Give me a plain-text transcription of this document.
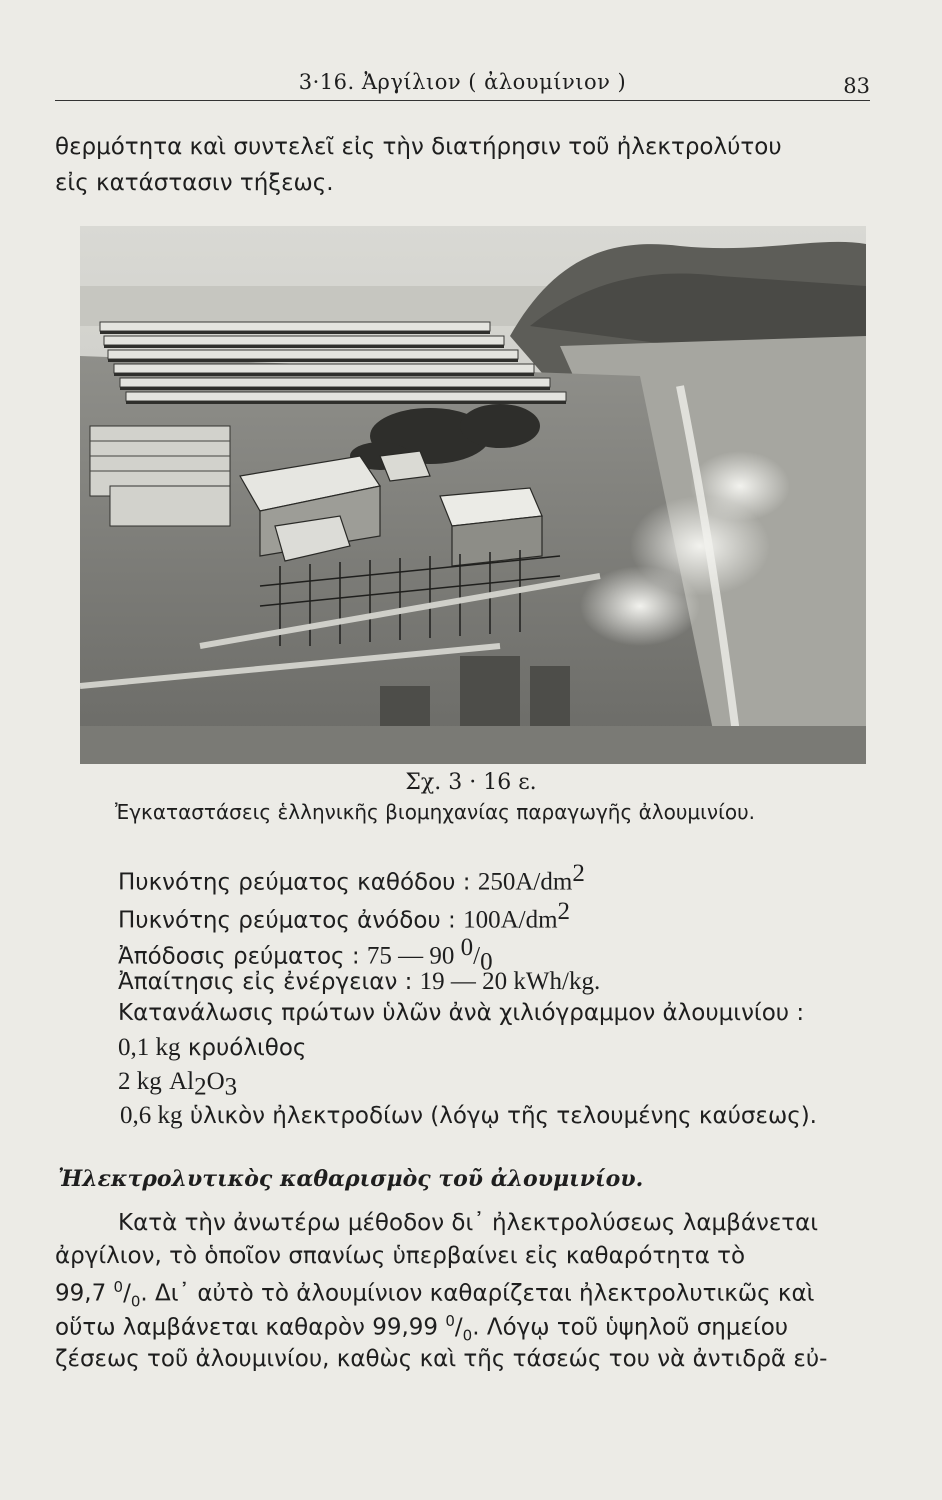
3·16. Ἀργίλιον ( ἀλουμίνιον )	83
θερμότητα καὶ συντελεῖ εἰς τὴν διατήρησιν τοῦ ἠλεκτρολύτου
εἰς κατάστασιν τήξεως.
Σχ. 3 · 16 ε.
Ἐγκαταστάσεις ἑλληνικῆς βιομηχανίας παραγωγῆς ἀλουμινίου.
Πυκνότης ρεύματος καθόδου : $250A/dm^2$
Πυκνότης ρεύματος ἀνόδου : $100A/dm^2$
Ἀπόδοσις ρεύματος : 75 — 90 $^0/_0$
Ἀπαίτησις εἰς ἐνέργειαν : 19 — 20 kWh/kg.
Κατανάλωσις πρώτων ὑλῶν ἀνὰ χιλιόγραμμον ἀλουμινίου :
0,1 kg κρυόλιθος
2 kg $Al_2O_3$
0,6 kg ὑλικὸν ἠλεκτροδίων (λόγῳ τῆς τελουμένης καύσεως).
Ἠλεκτρολυτικὸς καθαρισμὸς τοῦ ἀλουμινίου.
Κατὰ τὴν ἀνωτέρω μέθοδον δι᾿ ἠλεκτρολύσεως λαμβάνεται
ἀργίλιον, τὸ ὁποῖον σπανίως ὑπερβαίνει εἰς καθαρότητα τὸ
99,7 $^0/_0$. Δι᾿ αὐτὸ τὸ ἀλουμίνιον καθαρίζεται ἠλεκτρολυτικῶς καὶ
οὕτω λαμβάνεται καθαρὸν 99,99 $^0/_0$. Λόγῳ τοῦ ὑψηλοῦ σημείου
ζέσεως τοῦ ἀλουμινίου, καθὼς καὶ τῆς τάσεώς του νὰ ἀντιδρᾶ εὐ-
